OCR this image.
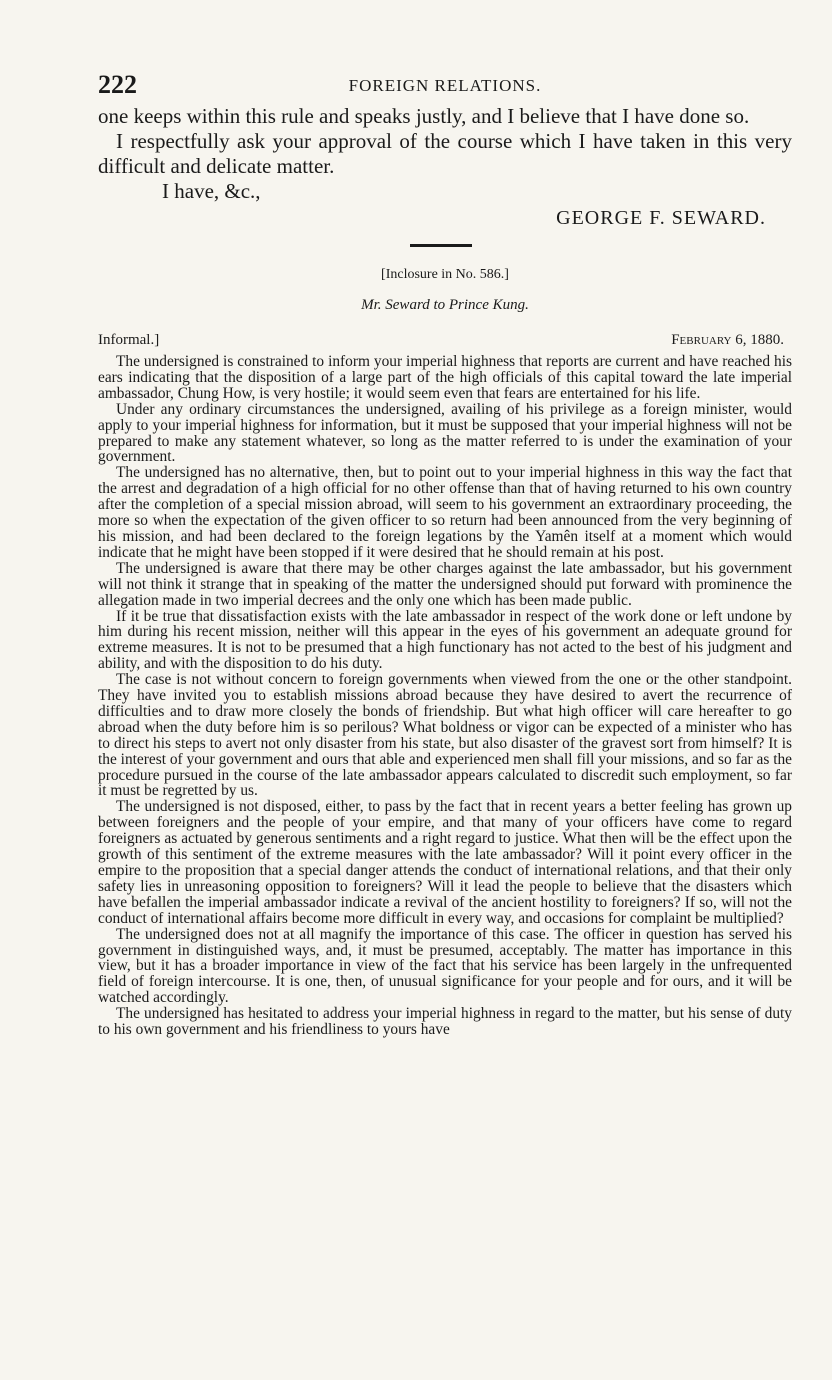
222	FOREIGN RELATIONS.

one keeps within this rule and speaks justly, and I believe that I have done so.

I respectfully ask your approval of the course which I have taken in this very difficult and delicate matter.

I have, &c.,

GEORGE F. SEWARD.

[Inclosure in No. 586.]

Mr. Seward to Prince Kung.

Informal.]	February 6, 1880.

The undersigned is constrained to inform your imperial highness that reports are current and have reached his ears indicating that the disposition of a large part of the high officials of this capital toward the late imperial ambassador, Chung How, is very hostile; it would seem even that fears are entertained for his life.

Under any ordinary circumstances the undersigned, availing of his privilege as a foreign minister, would apply to your imperial highness for information, but it must be supposed that your imperial highness will not be prepared to make any statement whatever, so long as the matter referred to is under the examination of your government.

The undersigned has no alternative, then, but to point out to your imperial highness in this way the fact that the arrest and degradation of a high official for no other offense than that of having returned to his own country after the completion of a special mission abroad, will seem to his government an extraordinary proceeding, the more so when the expectation of the given officer to so return had been announced from the very beginning of his mission, and had been declared to the foreign legations by the Yamên itself at a moment which would indicate that he might have been stopped if it were desired that he should remain at his post.

The undersigned is aware that there may be other charges against the late ambassador, but his government will not think it strange that in speaking of the matter the undersigned should put forward with prominence the allegation made in two imperial decrees and the only one which has been made public.

If it be true that dissatisfaction exists with the late ambassador in respect of the work done or left undone by him during his recent mission, neither will this appear in the eyes of his government an adequate ground for extreme measures. It is not to be presumed that a high functionary has not acted to the best of his judgment and ability, and with the disposition to do his duty.

The case is not without concern to foreign governments when viewed from the one or the other standpoint. They have invited you to establish missions abroad because they have desired to avert the recurrence of difficulties and to draw more closely the bonds of friendship. But what high officer will care hereafter to go abroad when the duty before him is so perilous? What boldness or vigor can be expected of a minister who has to direct his steps to avert not only disaster from his state, but also disaster of the gravest sort from himself? It is the interest of your government and ours that able and experienced men shall fill your missions, and so far as the procedure pursued in the course of the late ambassador appears calculated to discredit such employment, so far it must be regretted by us.

The undersigned is not disposed, either, to pass by the fact that in recent years a better feeling has grown up between foreigners and the people of your empire, and that many of your officers have come to regard foreigners as actuated by generous sentiments and a right regard to justice. What then will be the effect upon the growth of this sentiment of the extreme measures with the late ambassador? Will it point every officer in the empire to the proposition that a special danger attends the conduct of international relations, and that their only safety lies in unreasoning opposition to foreigners? Will it lead the people to believe that the disasters which have befallen the imperial ambassador indicate a revival of the ancient hostility to foreigners? If so, will not the conduct of international affairs become more difficult in every way, and occasions for complaint be multiplied?

The undersigned does not at all magnify the importance of this case. The officer in question has served his government in distinguished ways, and, it must be presumed, acceptably. The matter has importance in this view, but it has a broader importance in view of the fact that his service has been largely in the unfrequented field of foreign intercourse. It is one, then, of unusual significance for your people and for ours, and it will be watched accordingly.

The undersigned has hesitated to address your imperial highness in regard to the matter, but his sense of duty to his own government and his friendliness to yours have
